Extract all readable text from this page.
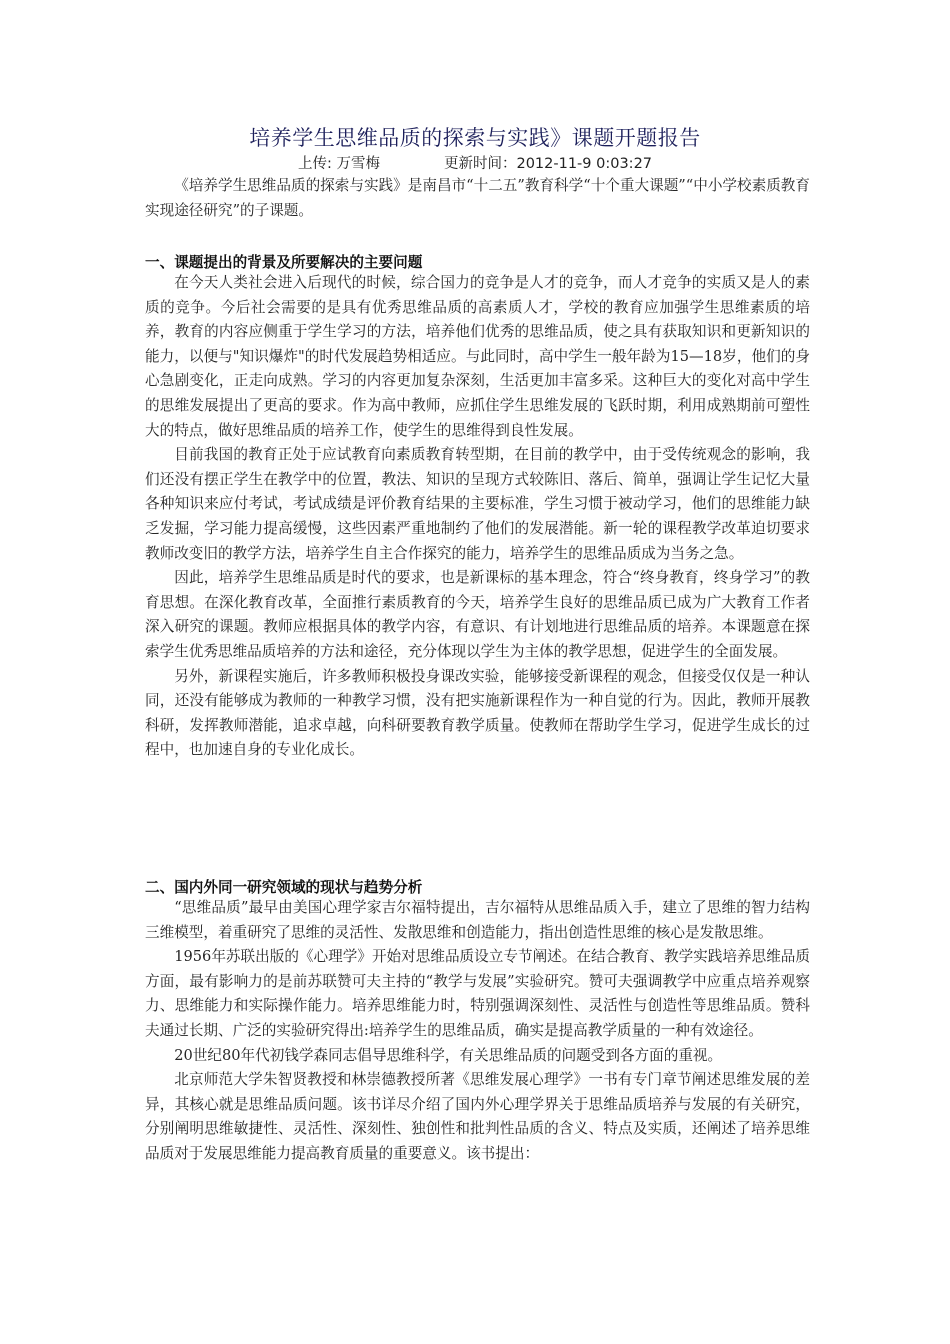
培养学生思维品质的探索与实践》课题开题报告
上传: 万雪梅	更新时间：2012-11-9 0:03:27

《培养学生思维品质的探索与实践》是南昌市“十二五”教育科学“十个重大课题”“中小学校素质教育实现途径研究”的子课题。

一、课题提出的背景及所要解决的主要问题

在今天人类社会进入后现代的时候，综合国力的竞争是人才的竞争，而人才竞争的实质又是人的素质的竞争。今后社会需要的是具有优秀思维品质的高素质人才，学校的教育应加强学生思维素质的培养，教育的内容应侧重于学生学习的方法，培养他们优秀的思维品质，使之具有获取知识和更新知识的能力，以便与"知识爆炸"的时代发展趋势相适应。与此同时，高中学生一般年龄为15—18岁，他们的身心急剧变化，正走向成熟。学习的内容更加复杂深刻，生活更加丰富多采。这种巨大的变化对高中学生的思维发展提出了更高的要求。作为高中教师，应抓住学生思维发展的飞跃时期，利用成熟期前可塑性大的特点，做好思维品质的培养工作，使学生的思维得到良性发展。

目前我国的教育正处于应试教育向素质教育转型期，在目前的教学中，由于受传统观念的影响，我们还没有摆正学生在教学中的位置，教法、知识的呈现方式较陈旧、落后、简单，强调让学生记忆大量各种知识来应付考试，考试成绩是评价教育结果的主要标准，学生习惯于被动学习，他们的思维能力缺乏发掘，学习能力提高缓慢，这些因素严重地制约了他们的发展潜能。新一轮的课程教学改革迫切要求教师改变旧的教学方法，培养学生自主合作探究的能力，培养学生的思维品质成为当务之急。

因此，培养学生思维品质是时代的要求，也是新课标的基本理念，符合“终身教育，终身学习”的教育思想。在深化教育改革，全面推行素质教育的今天，培养学生良好的思维品质已成为广大教育工作者深入研究的课题。教师应根据具体的教学内容，有意识、有计划地进行思维品质的培养。本课题意在探索学生优秀思维品质培养的方法和途径，充分体现以学生为主体的教学思想，促进学生的全面发展。

另外，新课程实施后，许多教师积极投身课改实验，能够接受新课程的观念，但接受仅仅是一种认同，还没有能够成为教师的一种教学习惯，没有把实施新课程作为一种自觉的行为。因此，教师开展教科研，发挥教师潜能，追求卓越，向科研要教育教学质量。使教师在帮助学生学习，促进学生成长的过程中，也加速自身的专业化成长。

二、国内外同一研究领域的现状与趋势分析

“思维品质”最早由美国心理学家吉尔福特提出，吉尔福特从思维品质入手，建立了思维的智力结构三维模型，着重研究了思维的灵活性、发散思维和创造能力，指出创造性思维的核心是发散思维。

1956年苏联出版的《心理学》开始对思维品质设立专节阐述。在结合教育、教学实践培养思维品质方面，最有影响力的是前苏联赞可夫主持的“教学与发展”实验研究。赞可夫强调教学中应重点培养观察力、思维能力和实际操作能力。培养思维能力时，特别强调深刻性、灵活性与创造性等思维品质。赞科夫通过长期、广泛的实验研究得出:培养学生的思维品质，确实是提高教学质量的一种有效途径。

20世纪80年代初钱学森同志倡导思维科学，有关思维品质的问题受到各方面的重视。

北京师范大学朱智贤教授和林崇德教授所著《思维发展心理学》一书有专门章节阐述思维发展的差异，其核心就是思维品质问题。该书详尽介绍了国内外心理学界关于思维品质培养与发展的有关研究，分别阐明思维敏捷性、灵活性、深刻性、独创性和批判性品质的含义、特点及实质，还阐述了培养思维品质对于发展思维能力提高教育质量的重要意义。该书提出：
